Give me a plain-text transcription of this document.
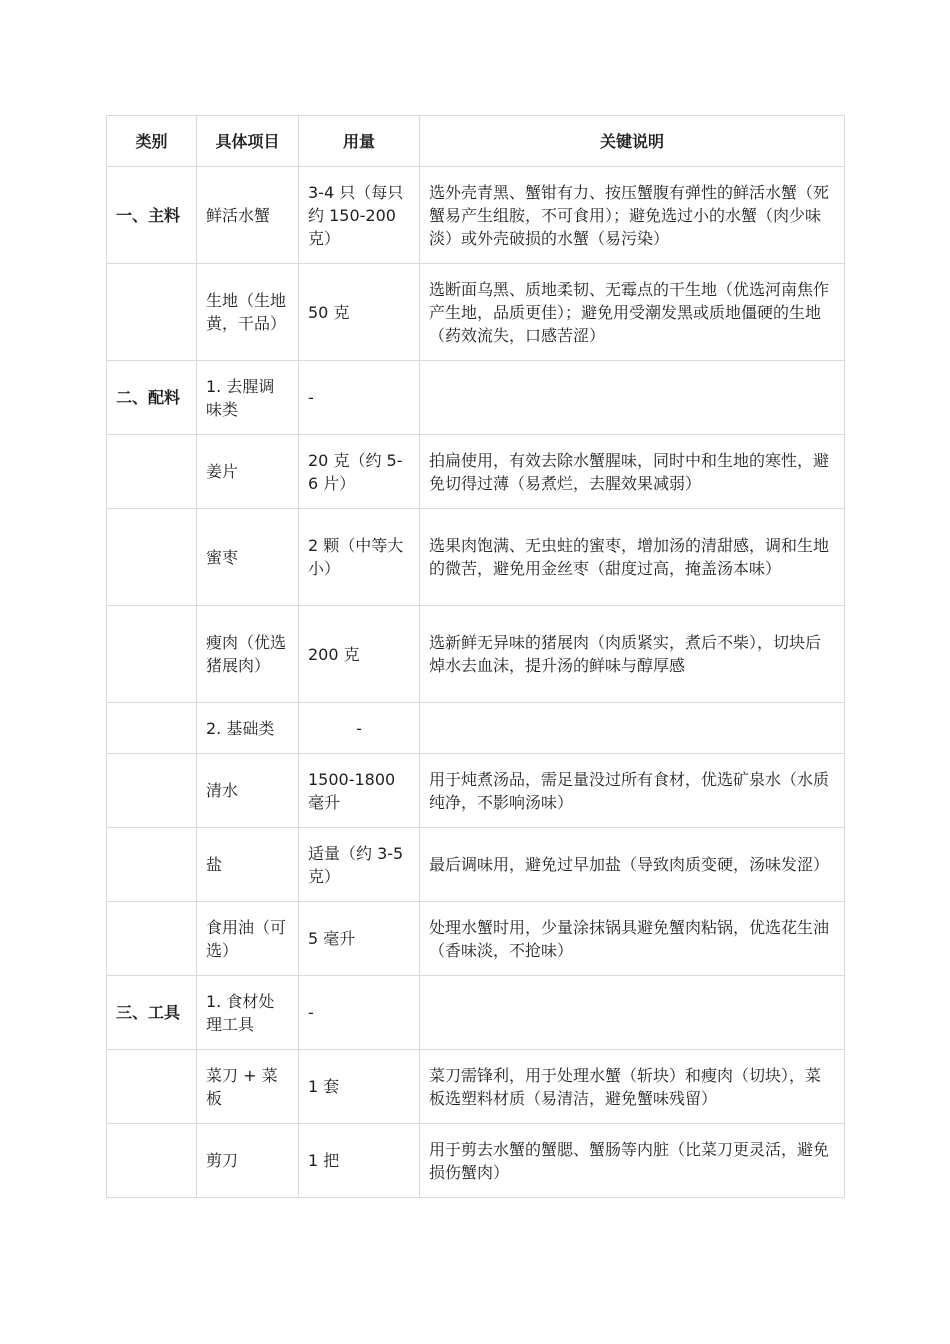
类别	具体项目	用量	关键说明
一、主料	鲜活水蟹	3-4 只（每只约 150-200 克）	选外壳青黑、蟹钳有力、按压蟹腹有弹性的鲜活水蟹（死蟹易产生组胺，不可食用）；避免选过小的水蟹（肉少味淡）或外壳破损的水蟹（易污染）
	生地（生地黄，干品）	50 克	选断面乌黑、质地柔韧、无霉点的干生地（优选河南焦作产生地，品质更佳）；避免用受潮发黑或质地僵硬的生地（药效流失，口感苦涩）
二、配料	1. 去腥调味类	-	
	姜片	20 克（约 5-6 片）	拍扁使用，有效去除水蟹腥味，同时中和生地的寒性，避免切得过薄（易煮烂，去腥效果减弱）
	蜜枣	2 颗（中等大小）	选果肉饱满、无虫蛀的蜜枣，增加汤的清甜感，调和生地的微苦，避免用金丝枣（甜度过高，掩盖汤本味）
	瘦肉（优选猪展肉）	200 克	选新鲜无异味的猪展肉（肉质紧实，煮后不柴），切块后焯水去血沫，提升汤的鲜味与醇厚感
	2. 基础类	-	
	清水	1500-1800 毫升	用于炖煮汤品，需足量没过所有食材，优选矿泉水（水质纯净，不影响汤味）
	盐	适量（约 3-5 克）	最后调味用，避免过早加盐（导致肉质变硬，汤味发涩）
	食用油（可选）	5 毫升	处理水蟹时用，少量涂抹锅具避免蟹肉粘锅，优选花生油（香味淡，不抢味）
三、工具	1. 食材处理工具	-	
	菜刀 + 菜板	1 套	菜刀需锋利，用于处理水蟹（斩块）和瘦肉（切块），菜板选塑料材质（易清洁，避免蟹味残留）
	剪刀	1 把	用于剪去水蟹的蟹腮、蟹肠等内脏（比菜刀更灵活，避免损伤蟹肉）
